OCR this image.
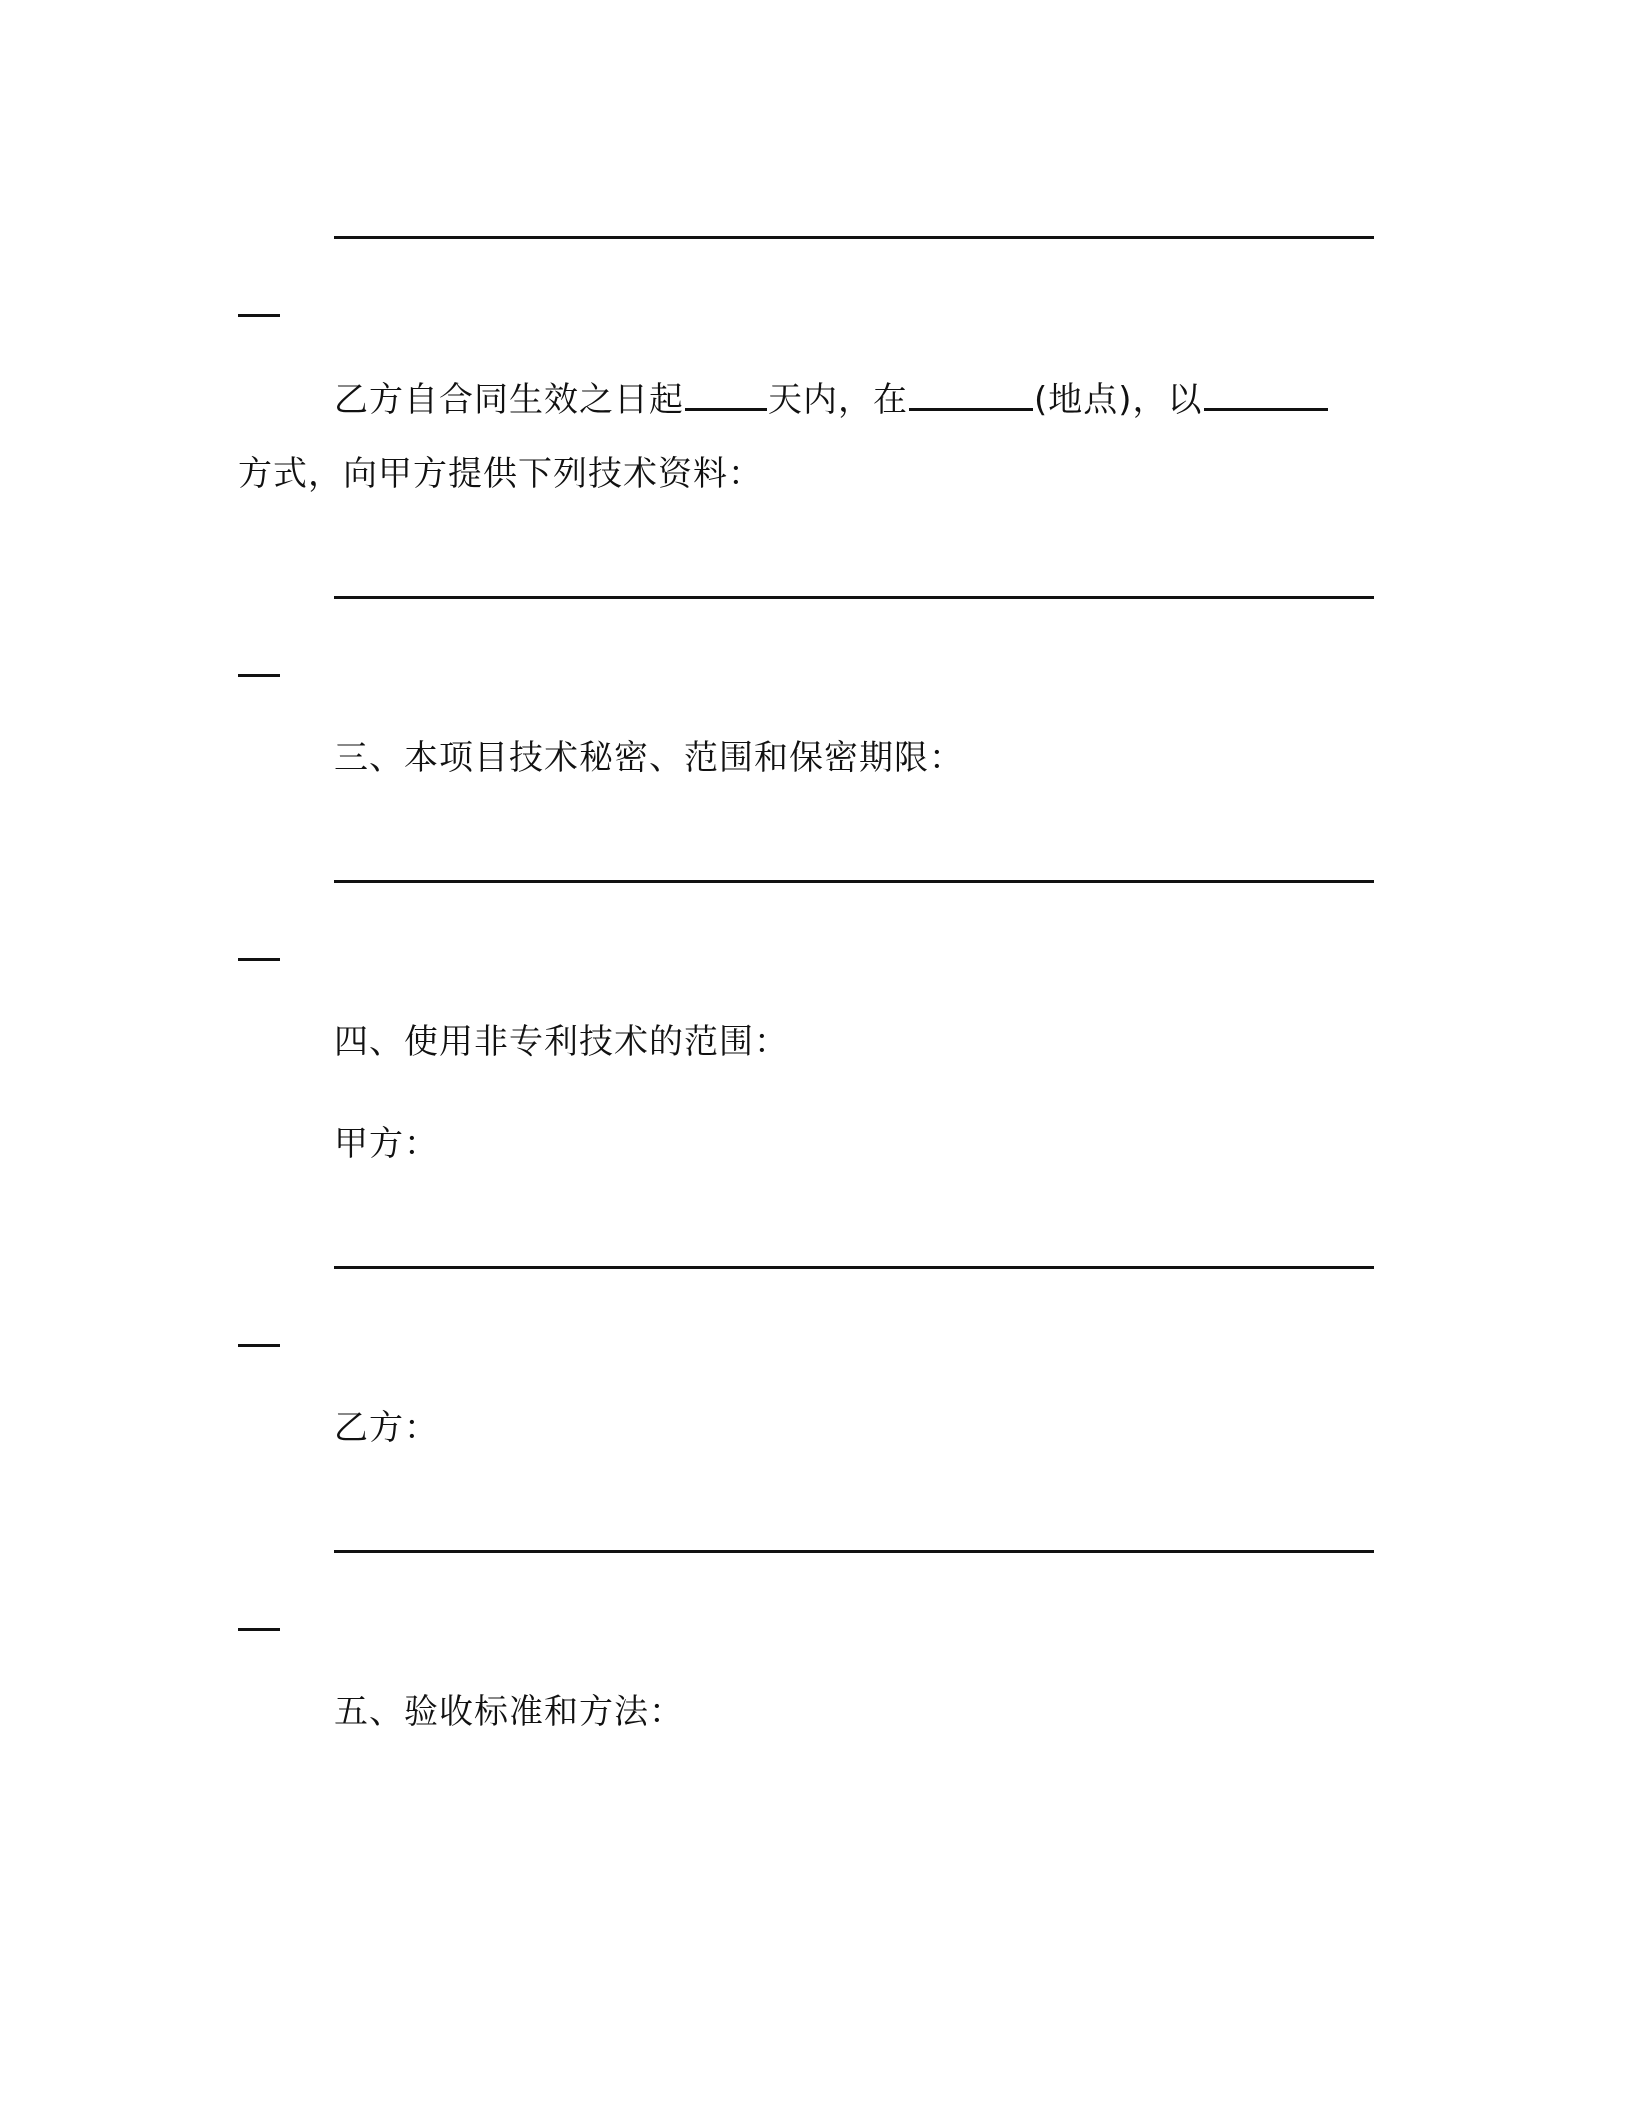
乙方自合同生效之日起 天内，在	(地点)，以
方式，向甲方提供下列技术资料：
三、本项目技术秘密、范围和保密期限：
四、使用非专利技术的范围：
甲方：
乙方：
五、验收标准和方法：
